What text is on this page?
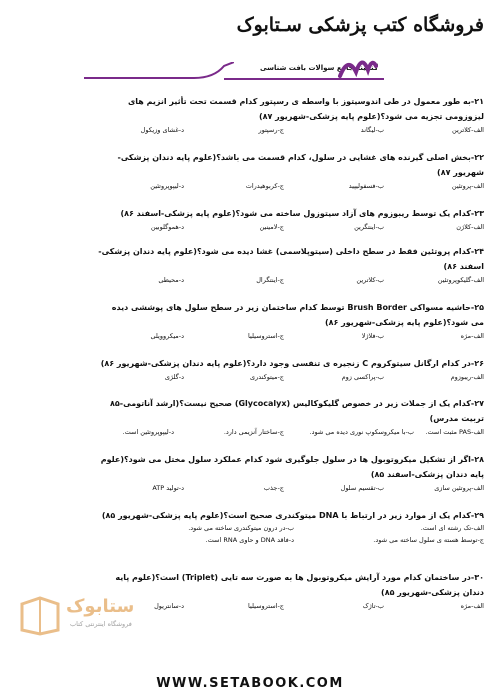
فروشگاه کتب پزشکی سـتابوک
گنجینه جامع سوالات بافت شناسی
۲۱-به طور معمول در طی اندوسیتوز با واسطه ی رسپتور کدام قسمت تحت تأثیر انزیم های لیزوزومی تجزیه می شود؟(علوم پایه پزشکی-شهریور ۸۷)
الف-کلاترین
ب-لیگاند
ج-رسپتور
د-غشای وزیکول
۲۲-بخش اصلی گیرنده های غشایی در سلول، کدام قسمت می باشد؟(علوم پایه دندان پزشکی-شهریور ۸۷)
الف-پروتئین
ب-فسفولیپید
ج-کربوهیدرات
د-لیپوپروتئین
۲۳-کدام یک توسط ریبوزوم های آزاد سیتوزول ساخته می شود؟(علوم پایه پزشکی-اسفند ۸۶)
الف-کلاژن
ب-اینتگرین
ج-لامینین
د-هموگلوبین
۲۴-کدام پروتئین فقط در سطح داخلی (سیتوپلاسمی) غشا دیده می شود؟(علوم پایه دندان پزشکی-اسفند ۸۶)
الف-گلیکوپروتئین
ب-کلاترین
ج-اینتگرال
د-محیطی
۲۵-حاشیه مسواکی Brush Border توسط کدام ساختمان زیر در سطح سلول های پوششی دیده می شود؟(علوم پایه پزشکی-شهریور ۸۶)
الف-مژه
ب-فلاژلا
ج-استروسیلیا
د-میکروویلی
۲۶-در کدام ارگانل سیتوکروم C زنجیره ی تنفسی وجود دارد؟(علوم پایه دندان پزشکی-شهریور ۸۶)
الف-ریبوزوم
ب-پراکسی زوم
ج-میتوکندری
د-گلژی
۲۷-کدام یک از جملات زیر در خصوص گلیکوکالیس (Glycocalyx) صحیح نیست؟(ارشد آناتومی-۸۵ تربیت مدرس)
الف-PAS مثبت است.
ب-با میکروسکوپ نوری دیده می شود.
ج-ساختار آنزیمی دارد.
د-لیپوپروتئین است.
۲۸-اگر از تشکیل میکروتوبول ها در سلول جلوگیری شود کدام عملکرد سلول مختل می شود؟(علوم پایه دندان پزشکی-اسفند ۸۵)
الف-پروتئین سازی
ب-تقسیم سلول
ج-جذب
د-تولید ATP
۲۹-کدام یک از موارد زیر در ارتباط با DNA میتوکندری صحیح است؟(علوم پایه پزشکی-شهریور ۸۵)
الف-تک رشته ای است.
ب-در درون میتوکندری ساخته می شود.
ج-توسط هسته ی سلول ساخته می شود.
د-فاقد DNA و حاوی RNA است.
۳۰-در ساختمان کدام مورد آرایش میکروتوبول ها به صورت سه تایی (Triplet) است؟(علوم پایه دندان پزشکی-شهریور ۸۵)
الف-مژه
ب-تاژک
ج-استروسیلیا
د-سانتریول
ستابوک
فروشگاه اینترنتی کتاب
WWW.SETABOOK.COM
